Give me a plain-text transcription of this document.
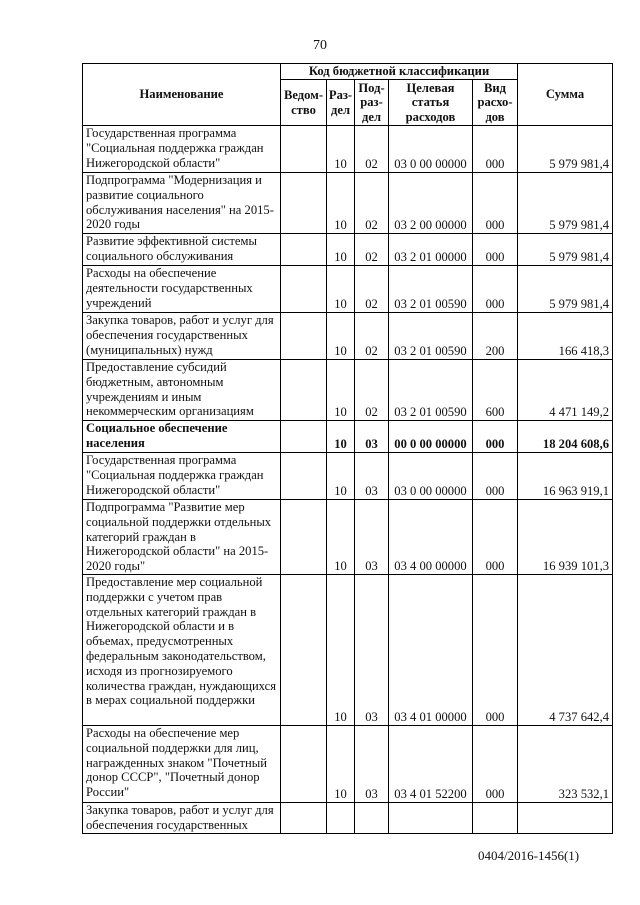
70
Наименование	Код бюджетной классификации					Сумма
	Ведом-ство	Раз-дел	Под-раз-дел	Целевая статья расходов	Вид расхо-дов	
Государственная программа "Социальная поддержка граждан Нижегородской области"		10	02	03 0 00 00000	000	5 979 981,4
Подпрограмма "Модернизация и развитие социального обслуживания населения" на 2015-2020 годы		10	02	03 2 00 00000	000	5 979 981,4
Развитие эффективной системы социального обслуживания		10	02	03 2 01 00000	000	5 979 981,4
Расходы на обеспечение деятельности государственных учреждений		10	02	03 2 01 00590	000	5 979 981,4
Закупка товаров, работ и услуг для обеспечения государственных (муниципальных) нужд		10	02	03 2 01 00590	200	166 418,3
Предоставление субсидий бюджетным, автономным учреждениям и иным некоммерческим организациям		10	02	03 2 01 00590	600	4 471 149,2
Социальное обеспечение населения		10	03	00 0 00 00000	000	18 204 608,6
Государственная программа "Социальная поддержка граждан Нижегородской области"		10	03	03 0 00 00000	000	16 963 919,1
Подпрограмма "Развитие мер социальной поддержки отдельных категорий граждан в Нижегородской области" на 2015-2020 годы"		10	03	03 4 00 00000	000	16 939 101,3
Предоставление мер социальной поддержки с учетом прав отдельных категорий граждан в Нижегородской области и в объемах, предусмотренных федеральным законодательством, исходя из прогнозируемого количества граждан, нуждающихся в мерах социальной поддержки		10	03	03 4 01 00000	000	4 737 642,4
Расходы на обеспечение мер социальной поддержки для лиц, награжденных знаком "Почетный донор СССР", "Почетный донор России"		10	03	03 4 01 52200	000	323 532,1
Закупка товаров, работ и услуг для обеспечения государственных						
0404/2016-1456(1)
